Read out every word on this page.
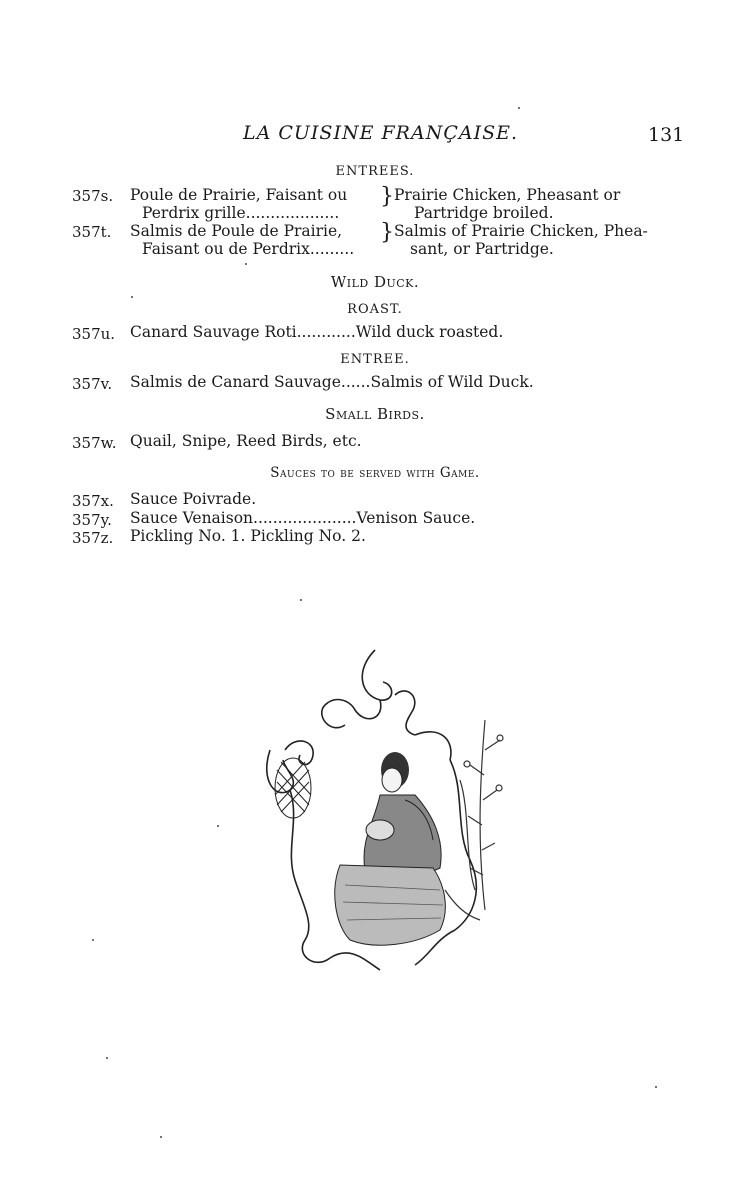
LA CUISINE FRANÇAISE.	131
ENTREES.
357s. Poule de Prairie, Faisant ou
Perdrix grille...................
} Prairie Chicken, Pheasant or
Partridge broiled.
357t. Salmis de Poule de Prairie,
Faisant ou de Perdrix.........
} Salmis of Prairie Chicken, Phea-
sant, or Partridge.
Wild Duck.
ROAST.
357u. Canard Sauvage Roti............Wild duck roasted.
ENTREE.
357v. Salmis de Canard Sauvage......Salmis of Wild Duck.
Small Birds.
357w. Quail, Snipe, Reed Birds, etc.
Sauces to be served with Game.
357x. Sauce Poivrade.
357y. Sauce Venaison.....................Venison Sauce.
357z. Pickling No. 1. Pickling No. 2.
